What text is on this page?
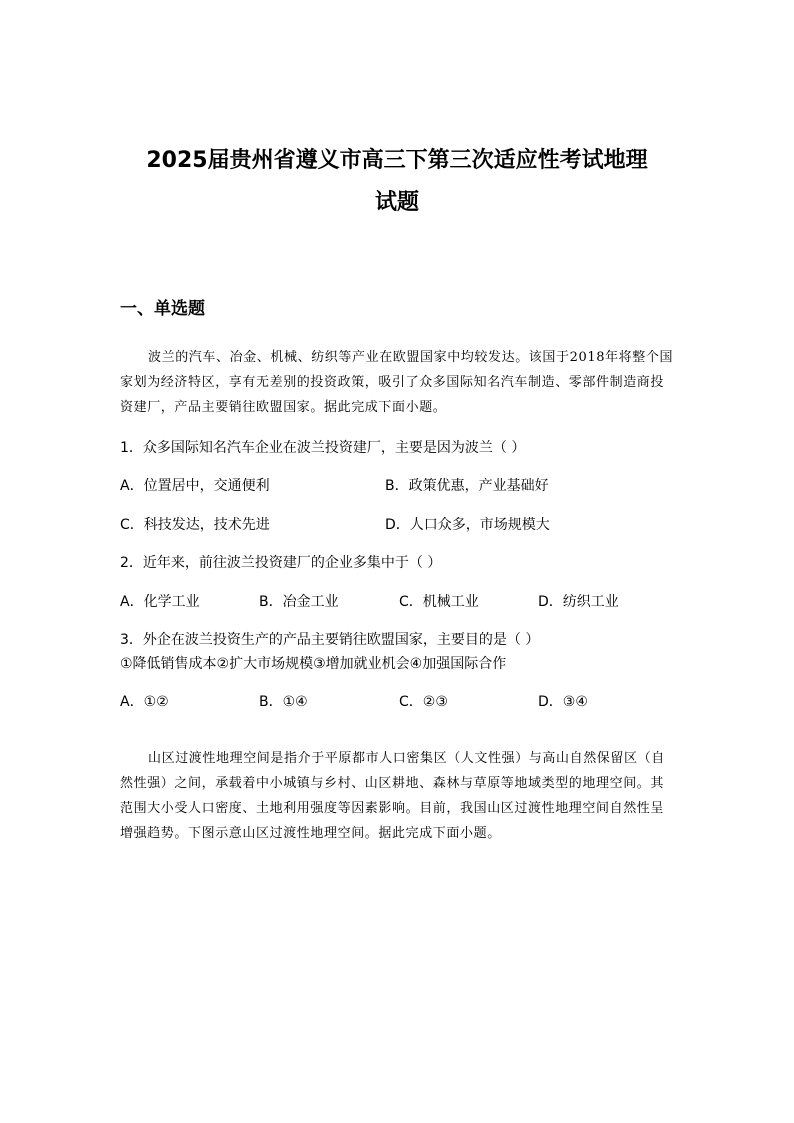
2025届贵州省遵义市高三下第三次适应性考试地理
试题
一、单选题
波兰的汽车、冶金、机械、纺织等产业在欧盟国家中均较发达。该国于2018年将整个国家划为经济特区，享有无差别的投资政策，吸引了众多国际知名汽车制造、零部件制造商投资建厂，产品主要销往欧盟国家。据此完成下面小题。
1．众多国际知名汽车企业在波兰投资建厂，主要是因为波兰（ ）
A．位置居中，交通便利	B．政策优惠，产业基础好
C．科技发达，技术先进	D．人口众多，市场规模大
2．近年来，前往波兰投资建厂的企业多集中于（ ）
A．化学工业	B．冶金工业	C．机械工业	D．纺织工业
3．外企在波兰投资生产的产品主要销往欧盟国家，主要目的是（ ）
①降低销售成本②扩大市场规模③增加就业机会④加强国际合作
A．①②	B．①④	C．②③	D．③④
山区过渡性地理空间是指介于平原都市人口密集区（人文性强）与高山自然保留区（自然性强）之间，承载着中小城镇与乡村、山区耕地、森林与草原等地域类型的地理空间。其范围大小受人口密度、土地利用强度等因素影响。目前，我国山区过渡性地理空间自然性呈增强趋势。下图示意山区过渡性地理空间。据此完成下面小题。
